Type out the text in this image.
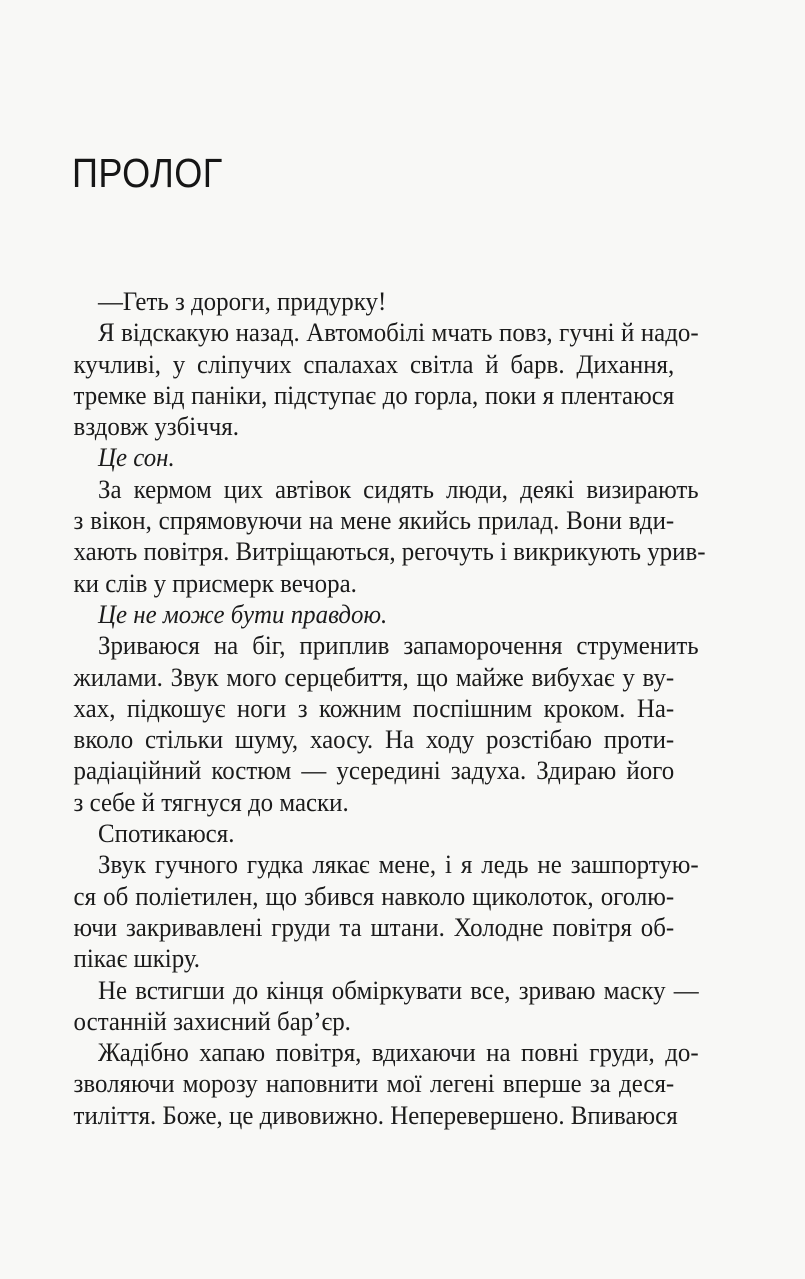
ПРОЛОГ
—Геть з дороги, придурку!
Я відскакую назад. Автомобілі мчать повз, гучні й надо-
кучливі, у сліпучих спалахах світла й барв. Дихання,
тремке від паніки, підступає до горла, поки я плентаюся
вздовж узбіччя.
Це сон.
За кермом цих автівок сидять люди, деякі визирають
з вікон, спрямовуючи на мене якийсь прилад. Вони вди-
хають повітря. Витріщаються, регочуть і викрикують урив-
ки слів у присмерк вечора.
Це не може бути правдою.
Зриваюся на біг, приплив запаморочення струменить
жилами. Звук мого серцебиття, що майже вибухає у ву-
хах, підкошує ноги з кожним поспішним кроком. На-
вколо стільки шуму, хаосу. На ходу розстібаю проти-
радіаційний костюм — усередині задуха. Здираю його
з себе й тягнуся до маски.
Спотикаюся.
Звук гучного гудка лякає мене, і я ледь не зашпортую-
ся об поліетилен, що збився навколо щиколоток, оголю-
ючи закривавлені груди та штани. Холодне повітря об-
пікає шкіру.
Не встигши до кінця обміркувати все, зриваю маску —
останній захисний бар’єр.
Жадібно хапаю повітря, вдихаючи на повні груди, до-
зволяючи морозу наповнити мої легені вперше за деся-
тиліття. Боже, це дивовижно. Неперевершено. Впиваюся
